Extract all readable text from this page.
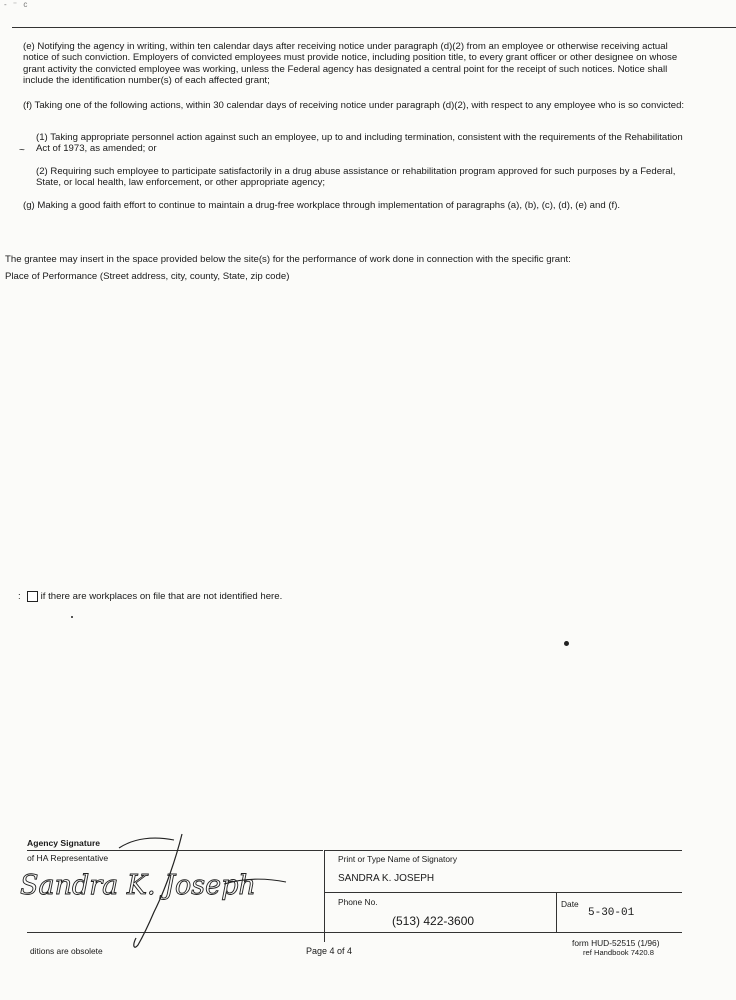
- ⁻ c
(e) Notifying the agency in writing, within ten calendar days after receiving notice under paragraph (d)(2) from an employee or otherwise receiving actual notice of such conviction. Employers of convicted employees must provide notice, including position title, to every grant officer or other designee on whose grant activity the convicted employee was working, unless the Federal agency has designated a central point for the receipt of such notices. Notice shall include the identification number(s) of each affected grant;
(f) Taking one of the following actions, within 30 calendar days of receiving notice under paragraph (d)(2), with respect to any employee who is so convicted:
(1) Taking appropriate personnel action against such an employee, up to and including termination, consistent with the requirements of the Rehabilitation Act of 1973, as amended; or
~
(2) Requiring such employee to participate satisfactorily in a drug abuse assistance or rehabilitation program approved for such purposes by a Federal, State, or local health, law enforcement, or other appropriate agency;
(g) Making a good faith effort to continue to maintain a drug-free workplace through implementation of paragraphs (a), (b), (c), (d), (e) and (f).
The grantee may insert in the space provided below the site(s) for the performance of work done in connection with the specific grant:
Place of Performance (Street address, city, county, State, zip code)
: if there are workplaces on file that are not identified here.
Agency Signature
of HA Representative	Print or Type Name of Signatory
SANDRA K. JOSEPH
Phone No.
(513) 422-3600
Date
5-30-01
Sandra K. Joseph
ditions are obsolete	Page 4 of 4
form HUD-52515 (1/96)
ref Handbook 7420.8
